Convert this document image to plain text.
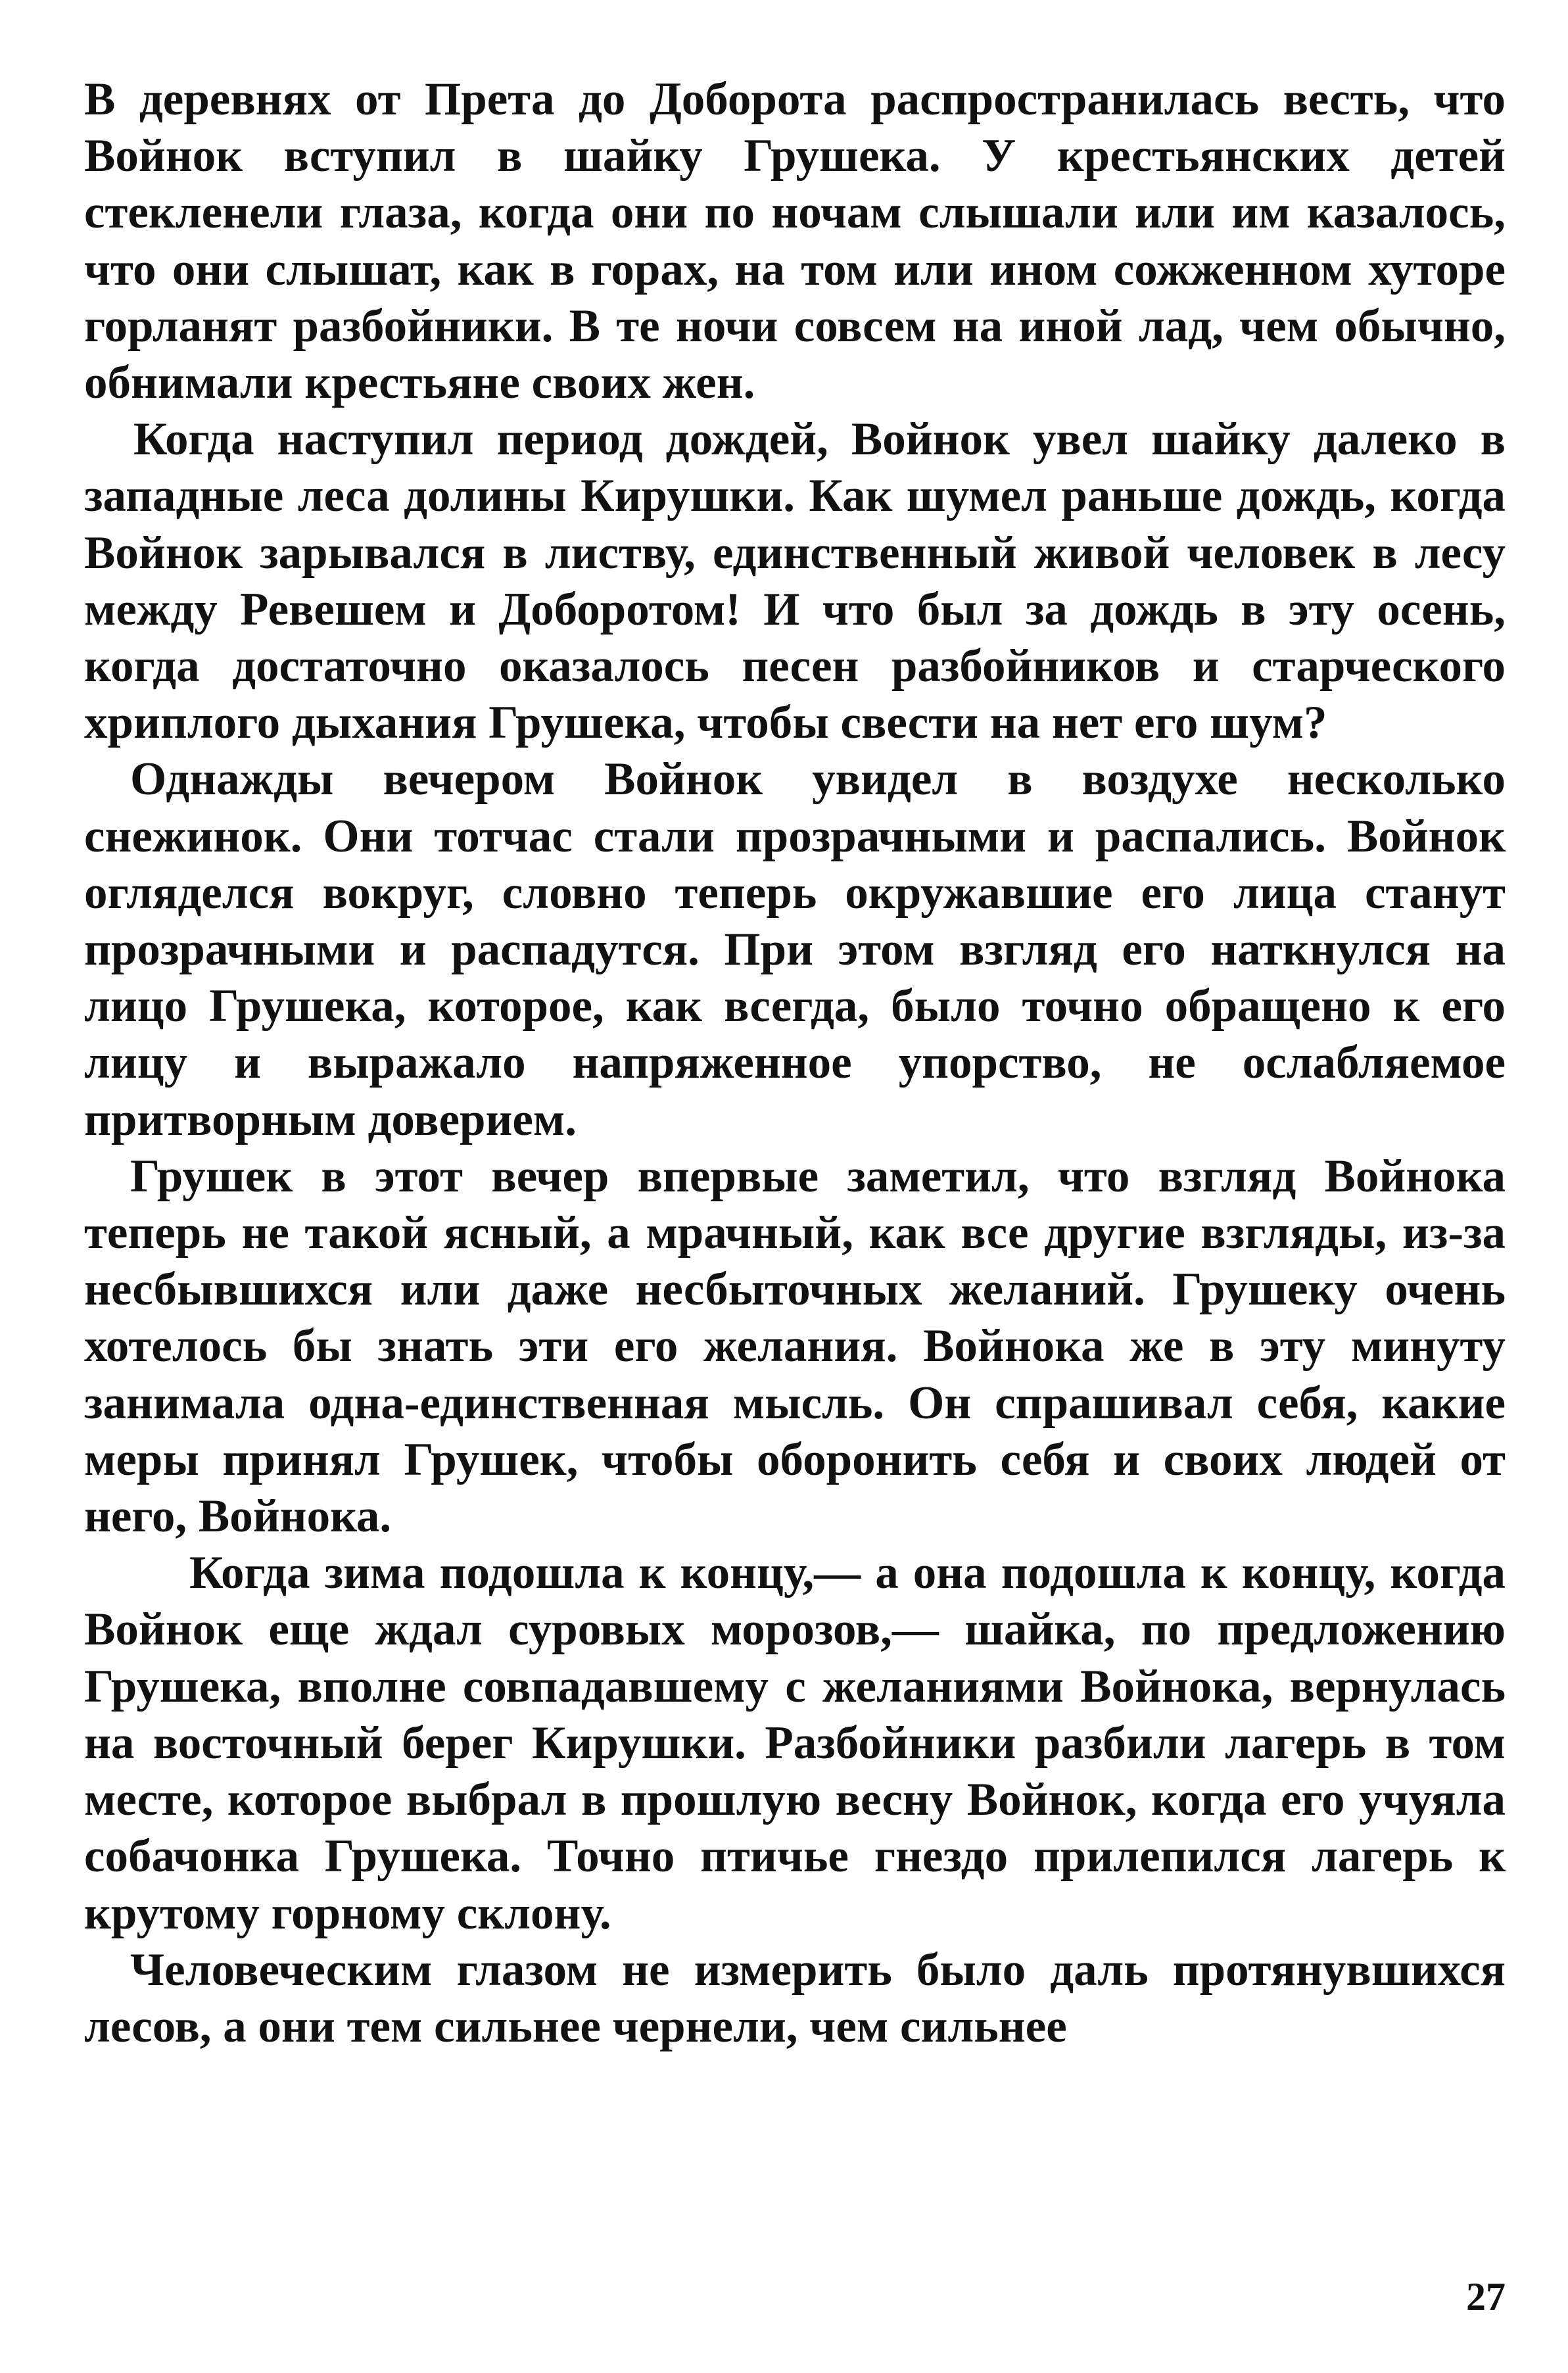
В деревнях от Прета до Доборота распространилась весть, что Войнок вступил в шайку Грушека. У крестьянских детей стекленели глаза, когда они по ночам слышали или им казалось, что они слышат, как в горах, на том или ином сожженном хуторе горланят разбойники. В те ночи совсем на иной лад, чем обычно, обнимали крестьяне своих жен.

Когда наступил период дождей, Войнок увел шайку далеко в западные леса долины Кирушки. Как шумел раньше дождь, когда Войнок зарывался в листву, единственный живой человек в лесу между Ревешем и Доборотом! И что был за дождь в эту осень, когда достаточно оказалось песен разбойников и старческого хриплого дыхания Грушека, чтобы свести на нет его шум?

Однажды вечером Войнок увидел в воздухе несколько снежинок. Они тотчас стали прозрачными и распались. Войнок огляделся вокруг, словно теперь окружавшие его лица станут прозрачными и распадутся. При этом взгляд его наткнулся на лицо Грушека, которое, как всегда, было точно обращено к его лицу и выражало напряженное упорство, не ослабляемое притворным доверием.

Грушек в этот вечер впервые заметил, что взгляд Войнока теперь не такой ясный, а мрачный, как все другие взгляды, из-за несбывшихся или даже несбыточных желаний. Грушеку очень хотелось бы знать эти его желания. Войнока же в эту минуту занимала одна-единственная мысль. Он спрашивал себя, какие меры принял Грушек, чтобы оборонить себя и своих людей от него, Войнока.

Когда зима подошла к концу,— а она подошла к концу, когда Войнок еще ждал суровых морозов,— шайка, по предложению Грушека, вполне совпадавшему с желаниями Войнока, вернулась на восточный берег Кирушки. Разбойники разбили лагерь в том месте, которое выбрал в прошлую весну Войнок, когда его учуяла собачонка Грушека. Точно птичье гнездо прилепился лагерь к крутому горному склону.

Человеческим глазом не измерить было даль протянувшихся лесов, а они тем сильнее чернели, чем сильнее

27
